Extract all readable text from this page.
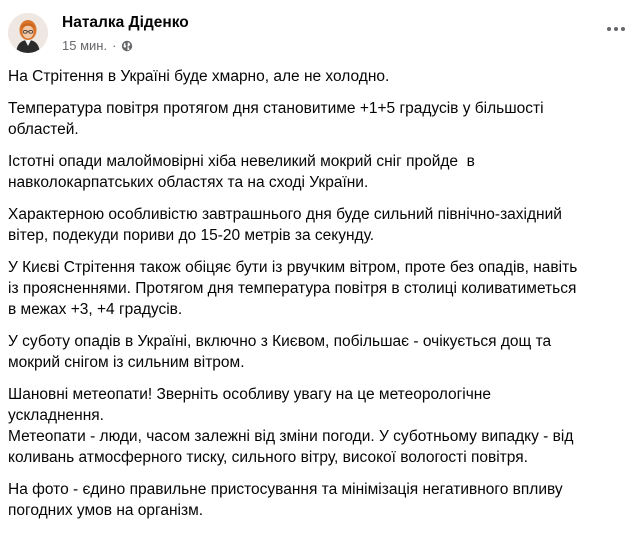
Наталка Діденко
15 мин. ·

На Стрітення в Україні буде хмарно, але не холодно.

Температура повітря протягом дня становитиме +1+5 градусів у більшості
областей.

Істотні опади малоймовірні хіба невеликий мокрий сніг пройде  в
навколокарпатських областях та на сході України.

Характерною особливістю завтрашнього дня буде сильний північно-західний
вітер, подекуди пориви до 15-20 метрів за секунду.

У Києві Стрітення також обіцяє бути із рвучким вітром, проте без опадів, навіть
із проясненнями. Протягом дня температура повітря в столиці коливатиметься
в межах +3, +4 градусів.

У суботу опадів в Україні, включно з Києвом, побільшає - очікується дощ та
мокрий снігом із сильним вітром.

Шановні метеопати! Зверніть особливу увагу на це метеорологічне
ускладнення.
Метеопати - люди, часом залежні від зміни погоди. У суботньому випадку - від
коливань атмосферного тиску, сильного вітру, високої вологості повітря.

На фото - єдино правильне пристосування та мінімізація негативного впливу
погодних умов на організм.
